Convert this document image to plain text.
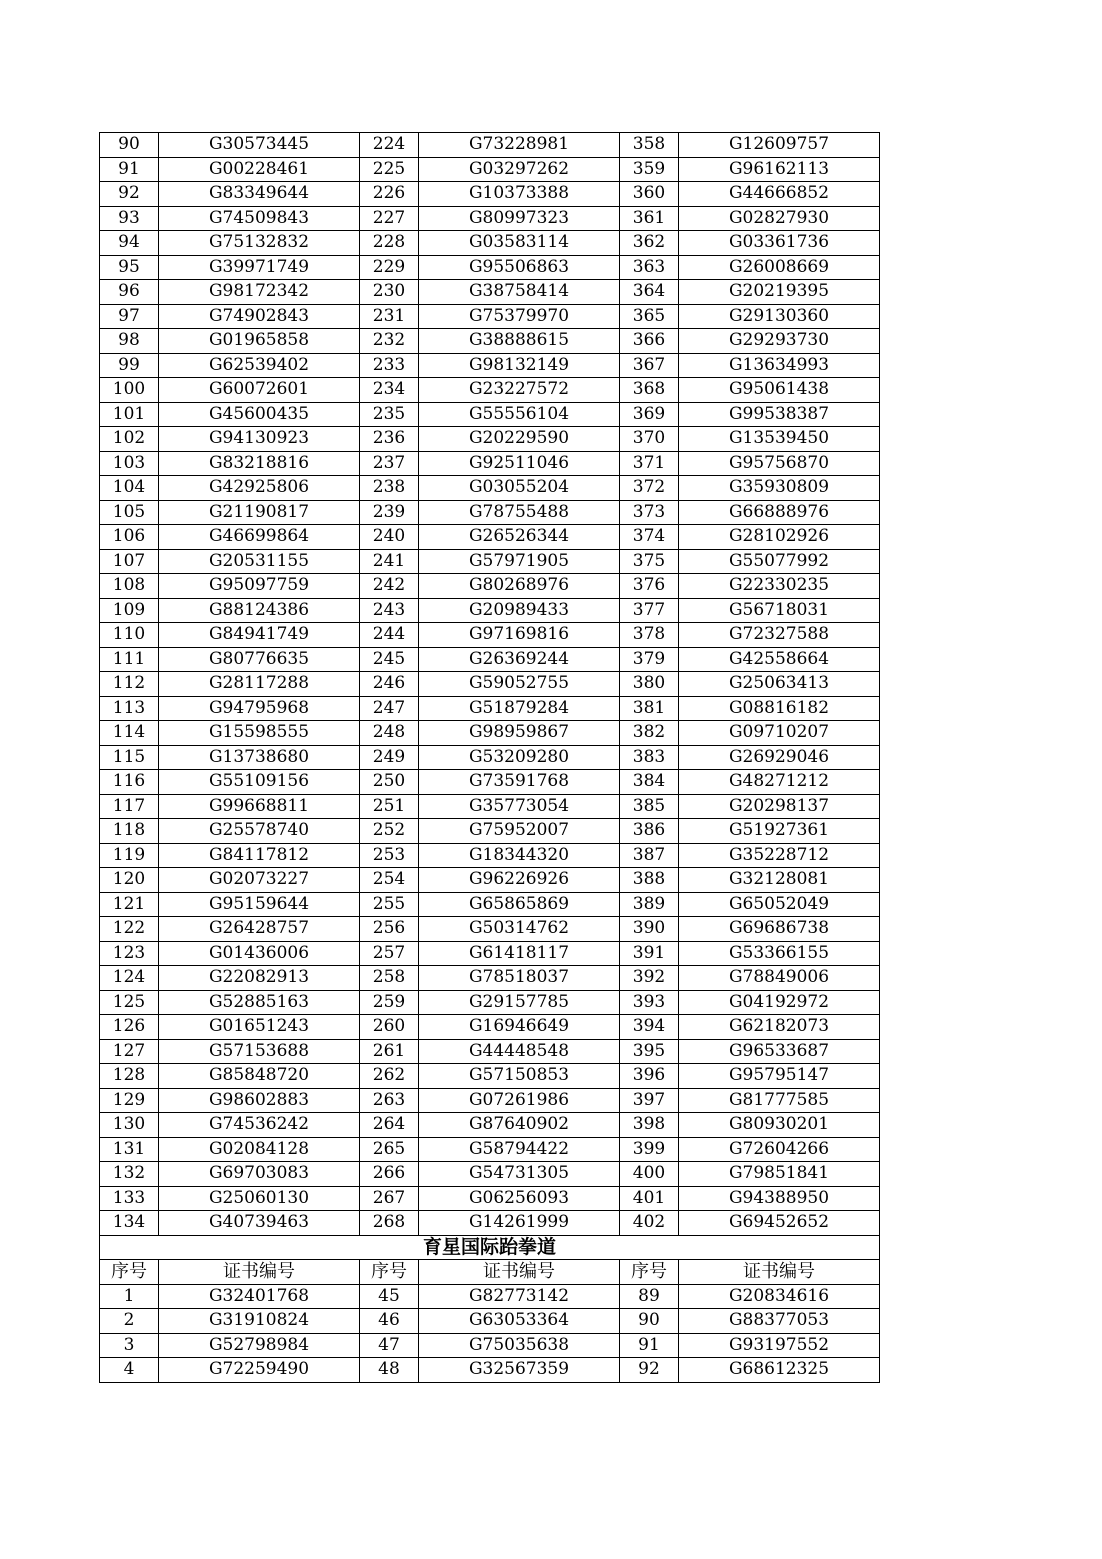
90	G30573445	224	G73228981	358	G12609757
91	G00228461	225	G03297262	359	G96162113
92	G83349644	226	G10373388	360	G44666852
93	G74509843	227	G80997323	361	G02827930
94	G75132832	228	G03583114	362	G03361736
95	G39971749	229	G95506863	363	G26008669
96	G98172342	230	G38758414	364	G20219395
97	G74902843	231	G75379970	365	G29130360
98	G01965858	232	G38888615	366	G29293730
99	G62539402	233	G98132149	367	G13634993
100	G60072601	234	G23227572	368	G95061438
101	G45600435	235	G55556104	369	G99538387
102	G94130923	236	G20229590	370	G13539450
103	G83218816	237	G92511046	371	G95756870
104	G42925806	238	G03055204	372	G35930809
105	G21190817	239	G78755488	373	G66888976
106	G46699864	240	G26526344	374	G28102926
107	G20531155	241	G57971905	375	G55077992
108	G95097759	242	G80268976	376	G22330235
109	G88124386	243	G20989433	377	G56718031
110	G84941749	244	G97169816	378	G72327588
111	G80776635	245	G26369244	379	G42558664
112	G28117288	246	G59052755	380	G25063413
113	G94795968	247	G51879284	381	G08816182
114	G15598555	248	G98959867	382	G09710207
115	G13738680	249	G53209280	383	G26929046
116	G55109156	250	G73591768	384	G48271212
117	G99668811	251	G35773054	385	G20298137
118	G25578740	252	G75952007	386	G51927361
119	G84117812	253	G18344320	387	G35228712
120	G02073227	254	G96226926	388	G32128081
121	G95159644	255	G65865869	389	G65052049
122	G26428757	256	G50314762	390	G69686738
123	G01436006	257	G61418117	391	G53366155
124	G22082913	258	G78518037	392	G78849006
125	G52885163	259	G29157785	393	G04192972
126	G01651243	260	G16946649	394	G62182073
127	G57153688	261	G44448548	395	G96533687
128	G85848720	262	G57150853	396	G95795147
129	G98602883	263	G07261986	397	G81777585
130	G74536242	264	G87640902	398	G80930201
131	G02084128	265	G58794422	399	G72604266
132	G69703083	266	G54731305	400	G79851841
133	G25060130	267	G06256093	401	G94388950
134	G40739463	268	G14261999	402	G69452652
育星国际跆拳道					
序号	证书编号	序号	证书编号	序号	证书编号
1	G32401768	45	G82773142	89	G20834616
2	G31910824	46	G63053364	90	G88377053
3	G52798984	47	G75035638	91	G93197552
4	G72259490	48	G32567359	92	G68612325
